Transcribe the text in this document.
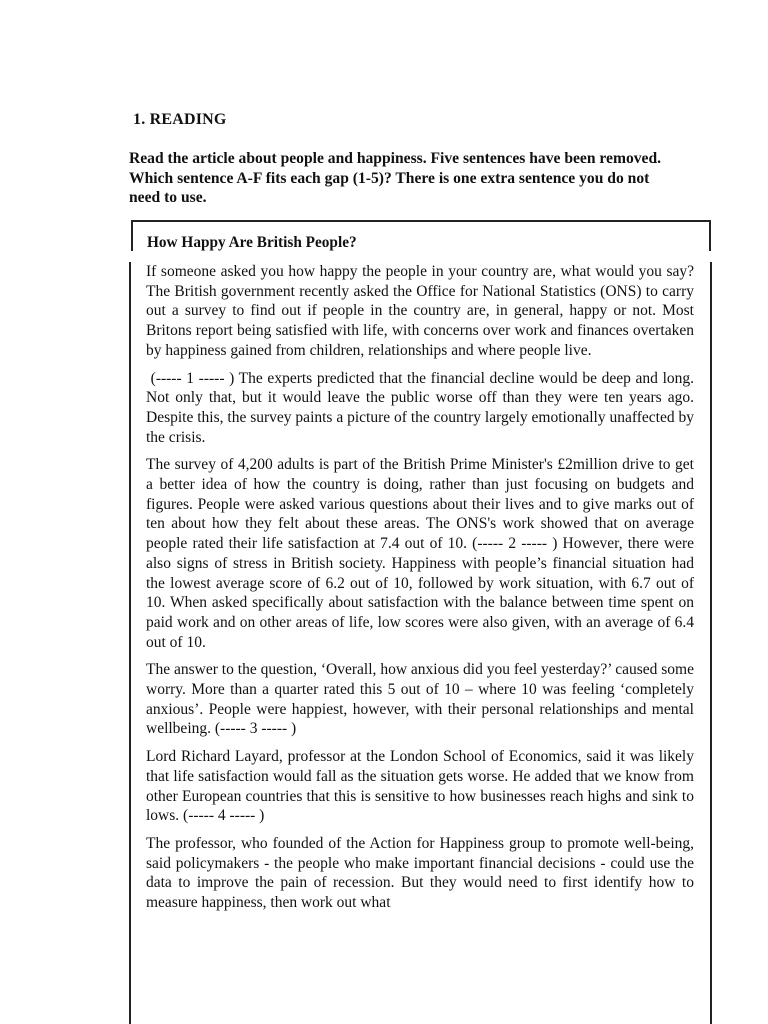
1. READING
Read the article about people and happiness. Five sentences have been removed. Which sentence A-F fits each gap (1-5)? There is one extra sentence you do not need to use.
How Happy Are British People?

If someone asked you how happy the people in your country are, what would you say? The British government recently asked the Office for National Statistics (ONS) to carry out a survey to find out if people in the country are, in general, happy or not. Most Britons report being satisfied with life, with concerns over work and finances overtaken by happiness gained from children, relationships and where people live.

(----- 1 ----- ) The experts predicted that the financial decline would be deep and long. Not only that, but it would leave the public worse off than they were ten years ago. Despite this, the survey paints a picture of the country largely emotionally unaffected by the crisis.

The survey of 4,200 adults is part of the British Prime Minister's £2million drive to get a better idea of how the country is doing, rather than just focusing on budgets and figures. People were asked various questions about their lives and to give marks out of ten about how they felt about these areas. The ONS's work showed that on average people rated their life satisfaction at 7.4 out of 10. (----- 2 ----- ) However, there were also signs of stress in British society. Happiness with people’s financial situation had the lowest average score of 6.2 out of 10, followed by work situation, with 6.7 out of 10. When asked specifically about satisfaction with the balance between time spent on paid work and on other areas of life, low scores were also given, with an average of 6.4 out of 10.

The answer to the question, ‘Overall, how anxious did you feel yesterday?’ caused some worry. More than a quarter rated this 5 out of 10 – where 10 was feeling ‘completely anxious’. People were happiest, however, with their personal relationships and mental wellbeing. (----- 3 ----- )

Lord Richard Layard, professor at the London School of Economics, said it was likely that life satisfaction would fall as the situation gets worse. He added that we know from other European countries that this is sensitive to how businesses reach highs and sink to lows. (----- 4 ----- )

The professor, who founded of the Action for Happiness group to promote well-being, said policymakers - the people who make important financial decisions - could use the data to improve the pain of recession. But they would need to first identify how to measure happiness, then work out what
